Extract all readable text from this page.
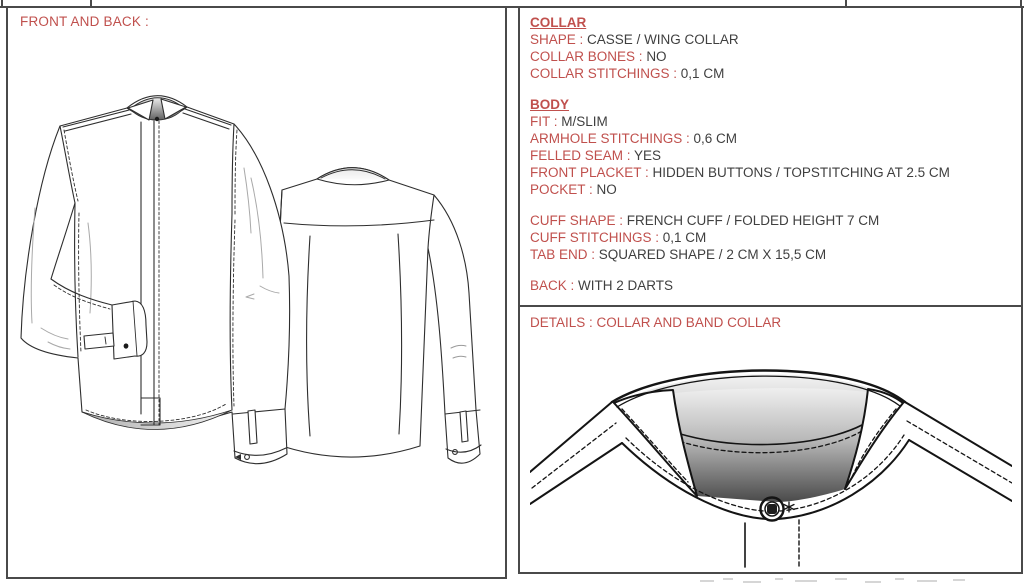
FRONT AND BACK :	COLLAR
SHAPE : CASSE / WING COLLAR
COLLAR BONES : NO
COLLAR STITCHINGS : 0,1 CM
BODY
FIT : M/SLIM
ARMHOLE STITCHINGS : 0,6 CM
FELLED SEAM : YES
FRONT PLACKET : HIDDEN BUTTONS / TOPSTITCHING AT 2.5 CM
POCKET : NO
CUFF SHAPE : FRENCH CUFF / FOLDED HEIGHT 7 CM
CUFF STITCHINGS : 0,1 CM
TAB END : SQUARED SHAPE / 2 CM X 15,5 CM
BACK : WITH 2 DARTS
DETAILS : COLLAR AND BAND COLLAR
